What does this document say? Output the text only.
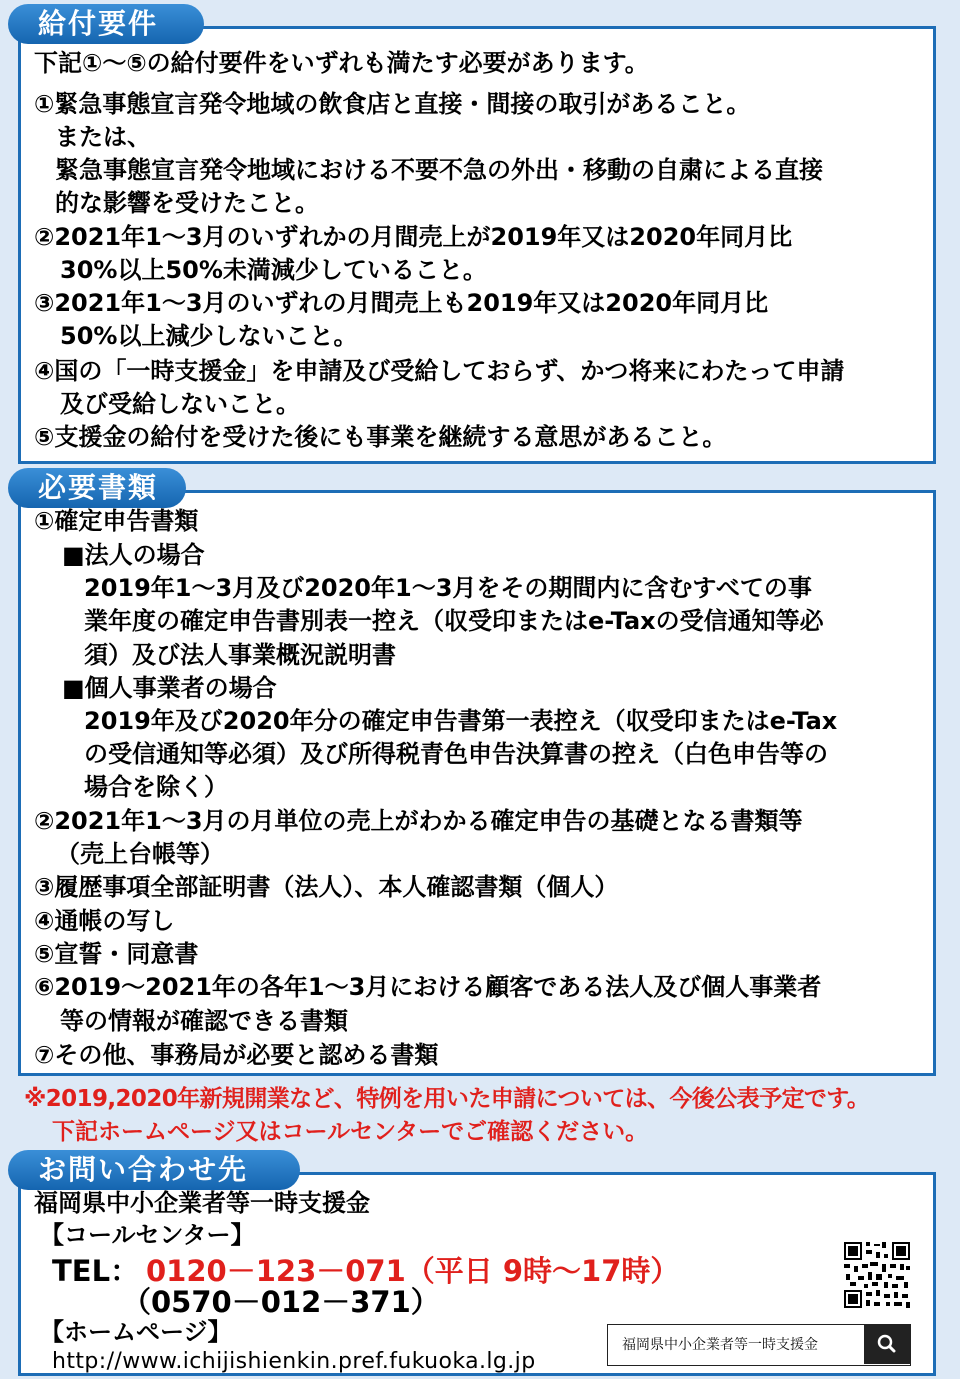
給付要件
下記①～⑤の給付要件をいずれも満たす必要があります。
①緊急事態宣言発令地域の飲食店と直接・間接の取引があること。
または、
緊急事態宣言発令地域における不要不急の外出・移動の自粛による直接
的な影響を受けたこと。
②2021年1～3月のいずれかの月間売上が2019年又は2020年同月比
30%以上50%未満減少していること。
③2021年1～3月のいずれの月間売上も2019年又は2020年同月比
50%以上減少しないこと。
④国の「一時支援金」を申請及び受給しておらず、かつ将来にわたって申請
及び受給しないこと。
⑤支援金の給付を受けた後にも事業を継続する意思があること。
必要書類
①確定申告書類
■法人の場合
2019年1～3月及び2020年1～3月をその期間内に含むすべての事
業年度の確定申告書別表一控え（収受印またはe-Taxの受信通知等必
須）及び法人事業概況説明書
■個人事業者の場合
2019年及び2020年分の確定申告書第一表控え（収受印またはe-Tax
の受信通知等必須）及び所得税青色申告決算書の控え（白色申告等の
場合を除く）
②2021年1～3月の月単位の売上がわかる確定申告の基礎となる書類等
（売上台帳等）
③履歴事項全部証明書（法人）、本人確認書類（個人）
④通帳の写し
⑤宣誓・同意書
⑥2019～2021年の各年1～3月における顧客である法人及び個人事業者
等の情報が確認できる書類
⑦その他、事務局が必要と認める書類
※2019,2020年新規開業など、特例を用いた申請については、今後公表予定です。
下記ホームページ又はコールセンターでご確認ください。
お問い合わせ先
福岡県中小企業者等一時支援金
【コールセンター】
TEL： 0120－123－071（平日 9時～17時）
（0570－012－371）
【ホームページ】
http://www.ichijishienkin.pref.fukuoka.lg.jp
福岡県中小企業者等一時支援金
